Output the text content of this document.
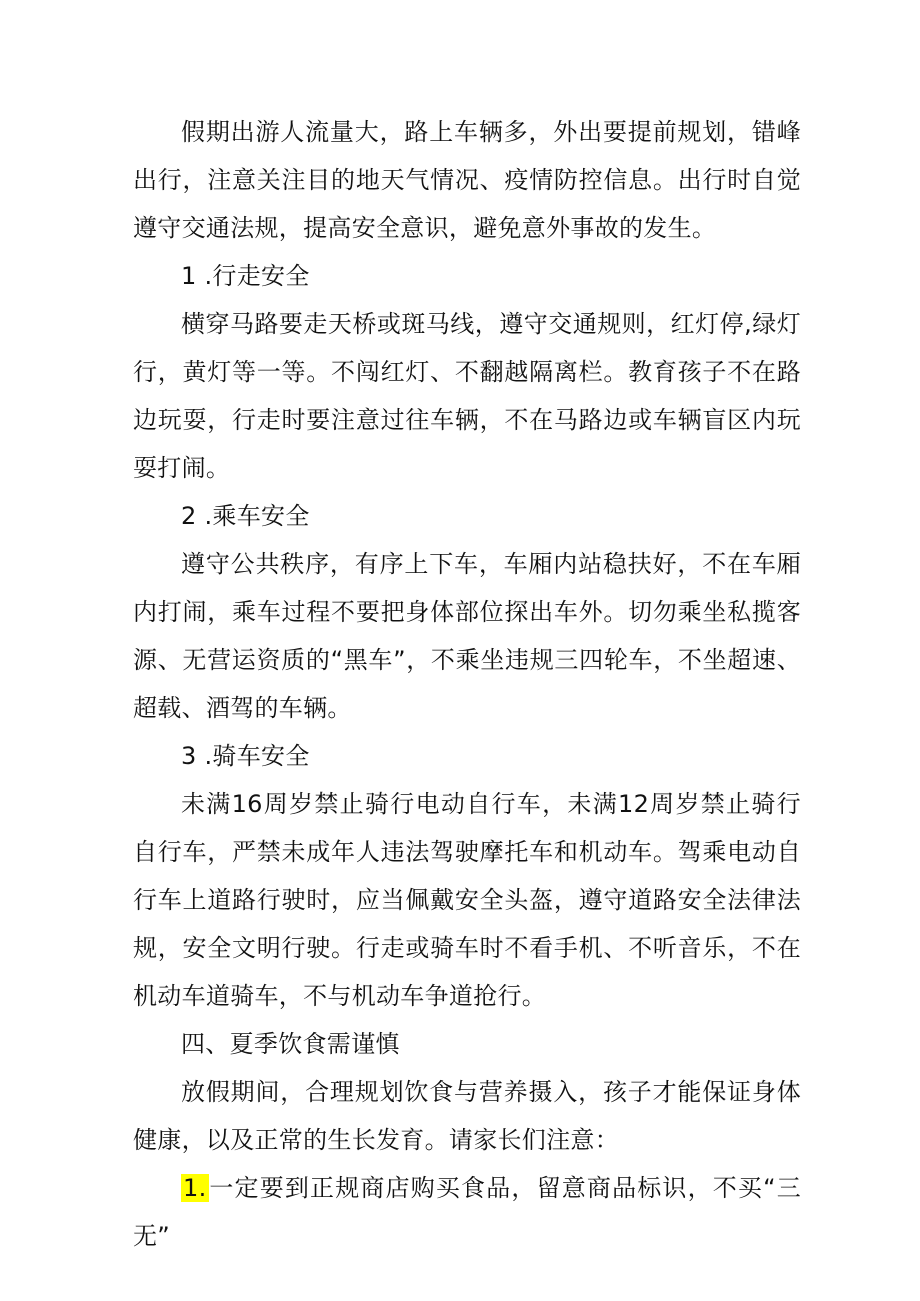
假期出游人流量大，路上车辆多，外出要提前规划，错峰出行，注意关注目的地天气情况、疫情防控信息。出行时自觉遵守交通法规，提高安全意识，避免意外事故的发生。

1 .行走安全

横穿马路要走天桥或斑马线，遵守交通规则，红灯停,绿灯行，黄灯等一等。不闯红灯、不翻越隔离栏。教育孩子不在路边玩耍，行走时要注意过往车辆，不在马路边或车辆盲区内玩耍打闹。

2 .乘车安全

遵守公共秩序，有序上下车，车厢内站稳扶好，不在车厢内打闹，乘车过程不要把身体部位探出车外。切勿乘坐私揽客源、无营运资质的“黑车”，不乘坐违规三四轮车，不坐超速、超载、酒驾的车辆。

3 .骑车安全

未满16周岁禁止骑行电动自行车，未满12周岁禁止骑行自行车，严禁未成年人违法驾驶摩托车和机动车。驾乘电动自行车上道路行驶时，应当佩戴安全头盔，遵守道路安全法律法规，安全文明行驶。行走或骑车时不看手机、不听音乐，不在机动车道骑车，不与机动车争道抢行。

四、夏季饮食需谨慎

放假期间，合理规划饮食与营养摄入，孩子才能保证身体健康，以及正常的生长发育。请家长们注意：

1.一定要到正规商店购买食品，留意商品标识，不买“三无”
